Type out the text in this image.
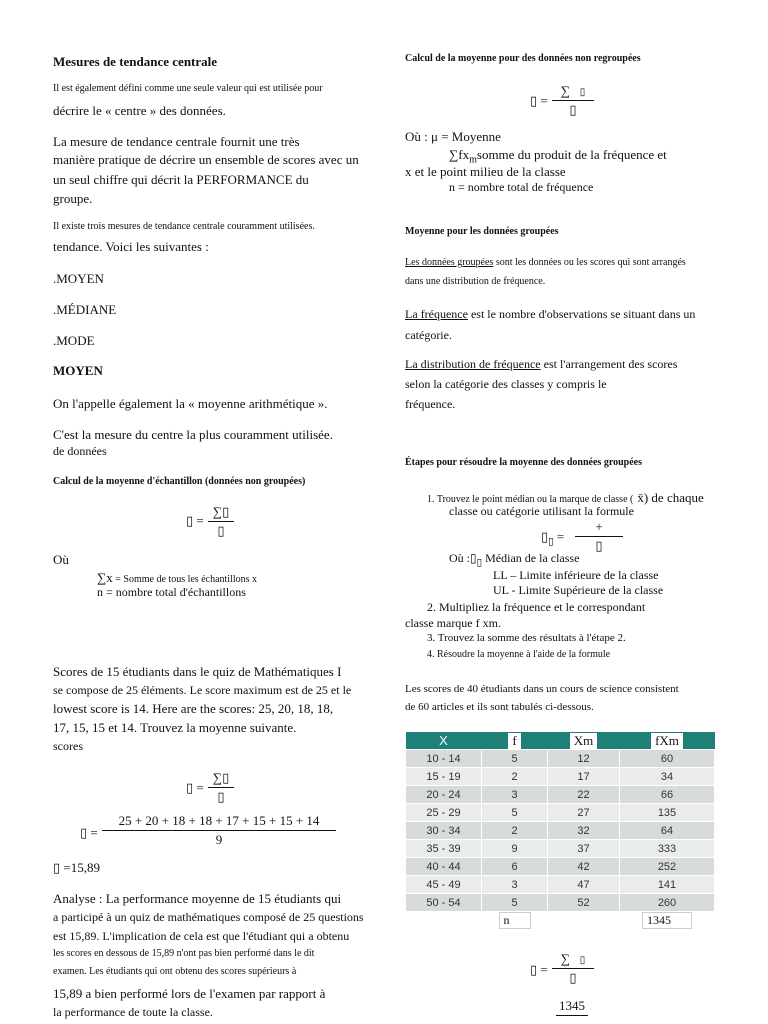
Mesures de tendance centrale
Il est également défini comme une seule valeur qui est utilisée pour
décrire le « centre » des données.
La mesure de tendance centrale fournit une très
manière pratique de décrire un ensemble de scores avec un
un seul chiffre qui décrit la PERFORMANCE du
groupe.
Il existe trois mesures de tendance centrale couramment utilisées.
tendance. Voici les suivantes :
.MOYEN
.MÉDIANE
.MODE
MOYEN
On l'appelle également la « moyenne arithmétique ».
C'est la mesure du centre la plus couramment utilisée.
de données
Calcul de la moyenne d'échantillon (données non groupées)
▯ =
∑▯
▯
Où
∑x = Somme de tous les échantillons x
n = nombre total d'échantillons
Scores de 15 étudiants dans le quiz de Mathématiques I
se compose de 25 éléments. Le score maximum est de 25 et le
lowest score is 14. Here are the scores: 25, 20, 18, 18,
17, 15, 15 et 14. Trouvez la moyenne suivante.
scores
▯ =
∑▯
▯
▯ =
25 + 20 + 18 + 18 + 17 + 15 + 15 + 14
9
▯ =15,89
Analyse : La performance moyenne de 15 étudiants qui
a participé à un quiz de mathématiques composé de 25 questions
est 15,89. L'implication de cela est que l'étudiant qui a obtenu
les scores en dessous de 15,89 n'ont pas bien performé dans le dit
examen. Les étudiants qui ont obtenu des scores supérieurs à
15,89 a bien performé lors de l'examen par rapport à
la performance de toute la classe.
Calcul de la moyenne pour des données non regroupées
▯ =
∑ ▯
▯
Où : μ = Moyenne
$\sum fx_msomme$ du produit de la fréquence et
x et le point milieu de la classe
n = nombre total de fréquence
Moyenne pour les données groupées
Les données groupées sont les données ou les scores qui sont arrangés
dans une distribution de fréquence.
La fréquence est le nombre d'observations se situant dans un
catégorie.
La distribution de fréquence est l'arrangement des scores
selon la catégorie des classes y compris le
fréquence.
Étapes pour résoudre la moyenne des données groupées
1. Trouvez le point médian ou la marque de classe ( x̄) de chaque
classe ou catégorie utilisant la formule
$▯_▯$ =
+
▯
Où $:▯_▯$ Médian de la classe
LL – Limite inférieure de la classe
UL - Limite Supérieure de la classe
2. Multipliez la fréquence et le correspondant
classe marque f xm.
3. Trouvez la somme des résultats à l'étape 2.
4. Résoudre la moyenne à l'aide de la formule
Les scores de 40 étudiants dans un cours de science consistent
de 60 articles et ils sont tabulés ci-dessous.
X	f	Xm	fXm
10 - 14	5	12	60
15 - 19	2	17	34
20 - 24	3	22	66
25 - 29	5	27	135
30 - 34	2	32	64
35 - 39	9	37	333
40 - 44	6	42	252
45 - 49	3	47	141
50 - 54	5	52	260
	n		1345
▯ =
∑ ▯
▯
1345
